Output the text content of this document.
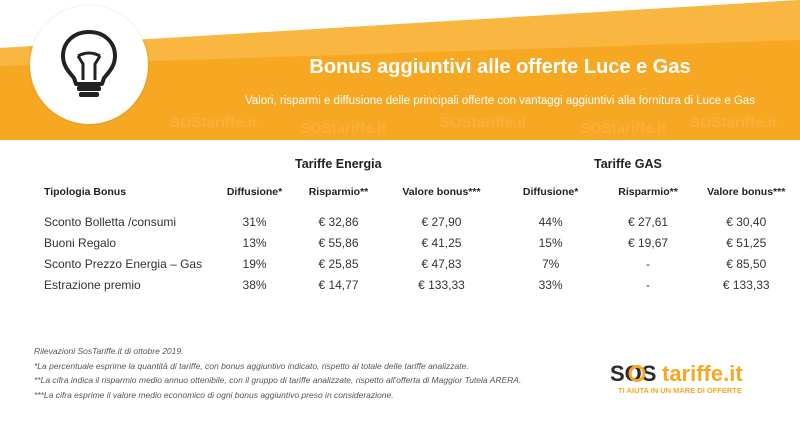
SOStariffe.it	SOStariffe.it	SOStariffe.it	SOStariffe.it SOStariffe.it
Bonus aggiuntivi alle offerte Luce e Gas
Valori, risparmi e diffusione delle principali offerte con vantaggi aggiuntivi alla fornitura di Luce e Gas
Tariffe Energia	Tariffe GAS
Tipologia Bonus	Diffusione*	Risparmio**	Valore bonus***	Diffusione*	Risparmio**	Valore bonus***

Sconto Bolletta /consumi	31%	€ 32,86	€ 27,90	44%	€ 27,61	€ 30,40
Buoni Regalo	13%	€ 55,86	€ 41,25	15%	€ 19,67	€ 51,25
Sconto Prezzo Energia – Gas	19%	€ 25,85	€ 47,83	7%	-	€ 85,50
Estrazione premio	38%	€ 14,77	€ 133,33	33%	-	€ 133,33
Rilevazioni SosTariffe.it di ottobre 2019.
*La percentuale esprime la quantità di tariffe, con bonus aggiuntivo indicato, rispetto al totale delle tariffe analizzate.
**La cifra indica il risparmio medio annuo ottenibile, con il gruppo di tariffe analizzate, rispetto all'offerta di Maggior Tutela ARERA.
***La cifra esprime il valore medio economico di ogni bonus aggiuntivo preso in considerazione.
SOS tariffe.it
TI AIUTA IN UN MARE DI OFFERTE
